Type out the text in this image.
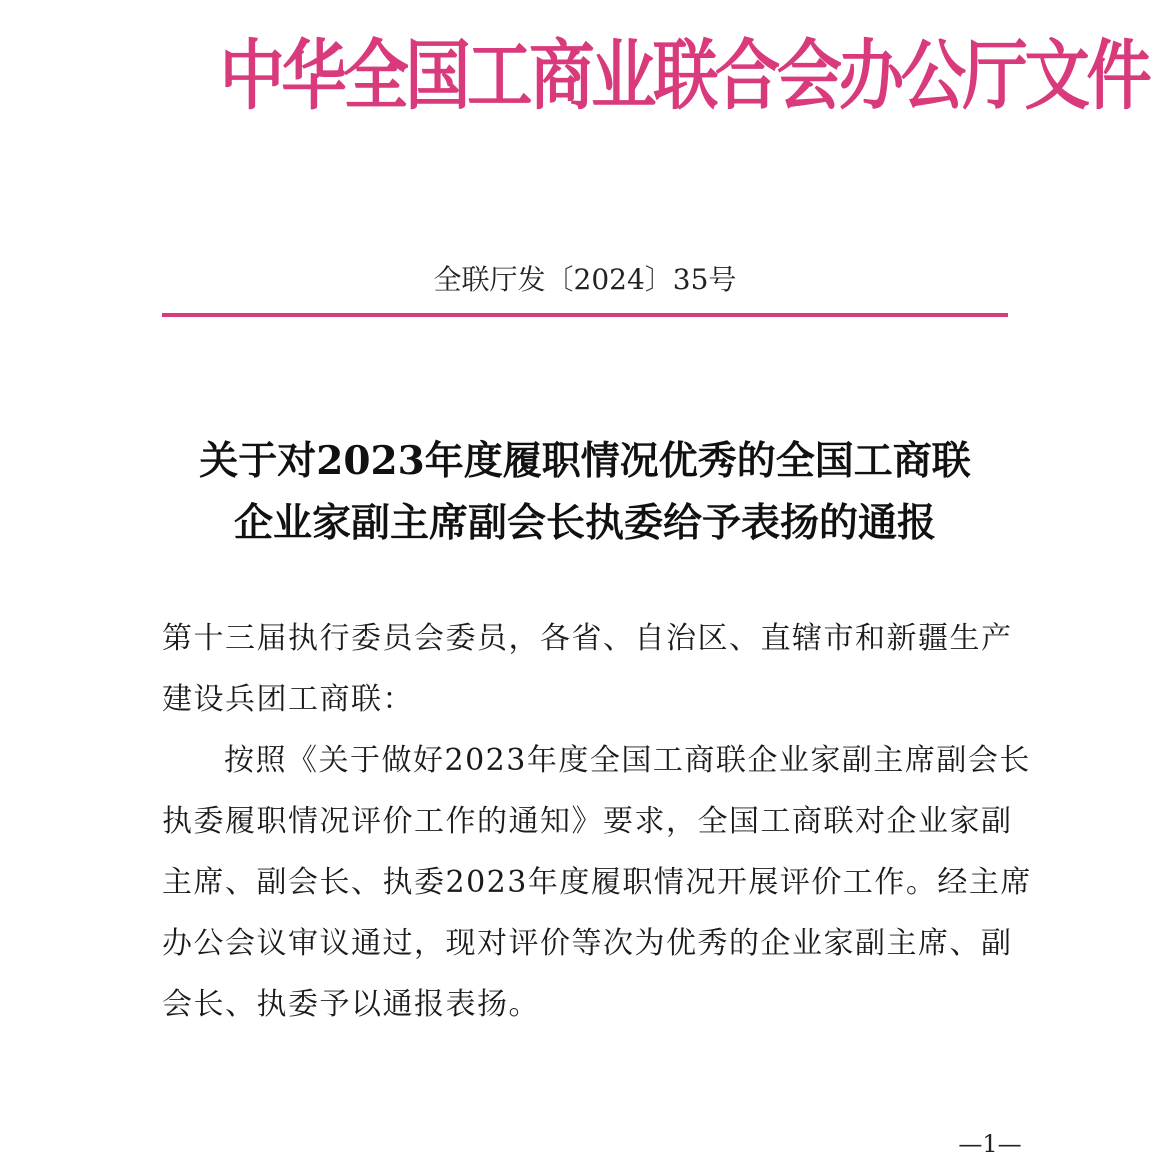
中华全国工商业联合会办公厅文件
全联厅发〔2024〕35号
关于对2023年度履职情况优秀的全国工商联
企业家副主席副会长执委给予表扬的通报
第十三届执行委员会委员，各省、自治区、直辖市和新疆生产
建设兵团工商联：
按照《关于做好2023年度全国工商联企业家副主席副会长
执委履职情况评价工作的通知》要求，全国工商联对企业家副
主席、副会长、执委2023年度履职情况开展评价工作。经主席
办公会议审议通过，现对评价等次为优秀的企业家副主席、副
会长、执委予以通报表扬。
—1—
